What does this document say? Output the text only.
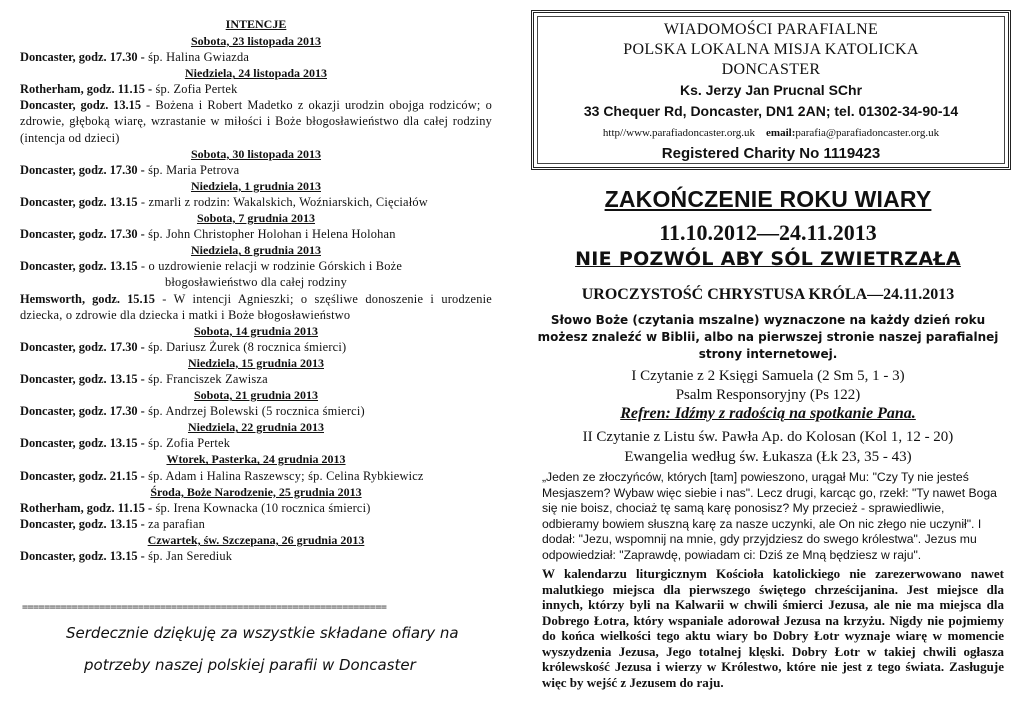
INTENCJE

Sobota, 23 listopada 2013

Doncaster, godz. 17.30 - śp. Halina Gwiazda

Niedziela, 24 listopada 2013

Rotherham, godz. 11.15 - śp. Zofia Pertek

Doncaster, godz. 13.15 - Bożena i Robert Madetko z okazji urodzin obojga rodziców; o zdrowie, głęboką wiarę, wzrastanie w miłości i Boże błogosławieństwo dla całej rodziny (intencja od dzieci)

Sobota, 30 listopada 2013

Doncaster, godz. 17.30 - śp. Maria Petrova

Niedziela, 1 grudnia 2013

Doncaster, godz. 13.15 - zmarli z rodzin: Wakalskich, Woźniarskich, Cięciałów

Sobota, 7 grudnia 2013

Doncaster, godz. 17.30 - śp. John Christopher Holohan i Helena Holohan

Niedziela, 8 grudnia 2013

Doncaster, godz. 13.15 - o uzdrowienie relacji w rodzinie Górskich i Boże

błogosławieństwo dla całej rodziny

Hemsworth, godz. 15.15 - W intencji Agnieszki; o szęśliwe donoszenie i urodzenie dziecka, o zdrowie dla dziecka i matki i Boże błogosławieństwo

Sobota, 14 grudnia 2013

Doncaster, godz. 17.30 - śp. Dariusz Żurek (8 rocznica śmierci)

Niedziela, 15 grudnia 2013

Doncaster, godz. 13.15 - śp. Franciszek Zawisza

Sobota, 21 grudnia 2013

Doncaster, godz. 17.30 - śp. Andrzej Bolewski (5 rocznica śmierci)

Niedziela, 22 grudnia 2013

Doncaster, godz. 13.15 - śp. Zofia Pertek

Wtorek, Pasterka, 24 grudnia 2013

Doncaster, godz. 21.15 - śp. Adam i Halina Raszewscy; śp. Celina Rybkiewicz

Środa, Boże Narodzenie, 25 grudnia 2013

Rotherham, godz. 11.15 - śp. Irena Kownacka (10 rocznica śmierci)

Doncaster, godz. 13.15 - za parafian

Czwartek, św. Szczepana, 26 grudnia 2013

Doncaster, godz. 13.15 - śp. Jan Serediuk

==================================================================
Serdecznie dziękuję za wszystkie składane ofiary na
potrzeby naszej polskiej parafii w Doncaster
WIADOMOŚCI PARAFIALNE
POLSKA LOKALNA MISJA KATOLICKA
DONCASTER
Ks. Jerzy Jan Prucnal SChr
33 Chequer Rd, Doncaster, DN1 2AN; tel. 01302-34-90-14
http//www.parafiadoncaster.org.uk email:parafia@parafiadoncaster.org.uk
Registered Charity No 1119423
ZAKOŃCZENIE ROKU WIARY
11.10.2012—24.11.2013
NIE POZWÓL ABY SÓL ZWIETRZAŁA
UROCZYSTOŚĆ CHRYSTUSA KRÓLA—24.11.2013
Słowo Boże (czytania mszalne) wyznaczone na każdy dzień roku możesz znaleźć w Biblii, albo na pierwszej stronie naszej parafialnej strony internetowej.
I Czytanie z 2 Księgi Samuela (2 Sm 5, 1 - 3)
Psalm Responsoryjny (Ps 122)
Refren: Idźmy z radością na spotkanie Pana.
II Czytanie z Listu św. Pawła Ap. do Kolosan (Kol 1, 12 - 20)
Ewangelia według św. Łukasza (Łk 23, 35 - 43)
„Jeden ze złoczyńców, których [tam] powieszono, urągał Mu: "Czy Ty nie jesteś Mesjaszem? Wybaw więc siebie i nas". Lecz drugi, karcąc go, rzekł: "Ty nawet Boga się nie boisz, chociaż tę samą karę ponosisz? My przecież - sprawiedliwie, odbieramy bowiem słuszną karę za nasze uczynki, ale On nic złego nie uczynił". I dodał: "Jezu, wspomnij na mnie, gdy przyjdziesz do swego królestwa". Jezus mu odpowiedział: "Zaprawdę, powiadam ci: Dziś ze Mną będziesz w raju".
W kalendarzu liturgicznym Kościoła katolickiego nie zarezerwowano nawet malutkiego miejsca dla pierwszego świętego chrześcijanina. Jest miejsce dla innych, którzy byli na Kalwarii w chwili śmierci Jezusa, ale nie ma miejsca dla Dobrego Łotra, który wspaniale adorował Jezusa na krzyżu. Nigdy nie pojmiemy do końca wielkości tego aktu wiary bo Dobry Łotr wyznaje wiarę w momencie wyszydzenia Jezusa, Jego totalnej klęski. Dobry Łotr w takiej chwili ogłasza królewskość Jezusa i wierzy w Królestwo, które nie jest z tego świata. Zasługuje więc by wejść z Jezusem do raju.
